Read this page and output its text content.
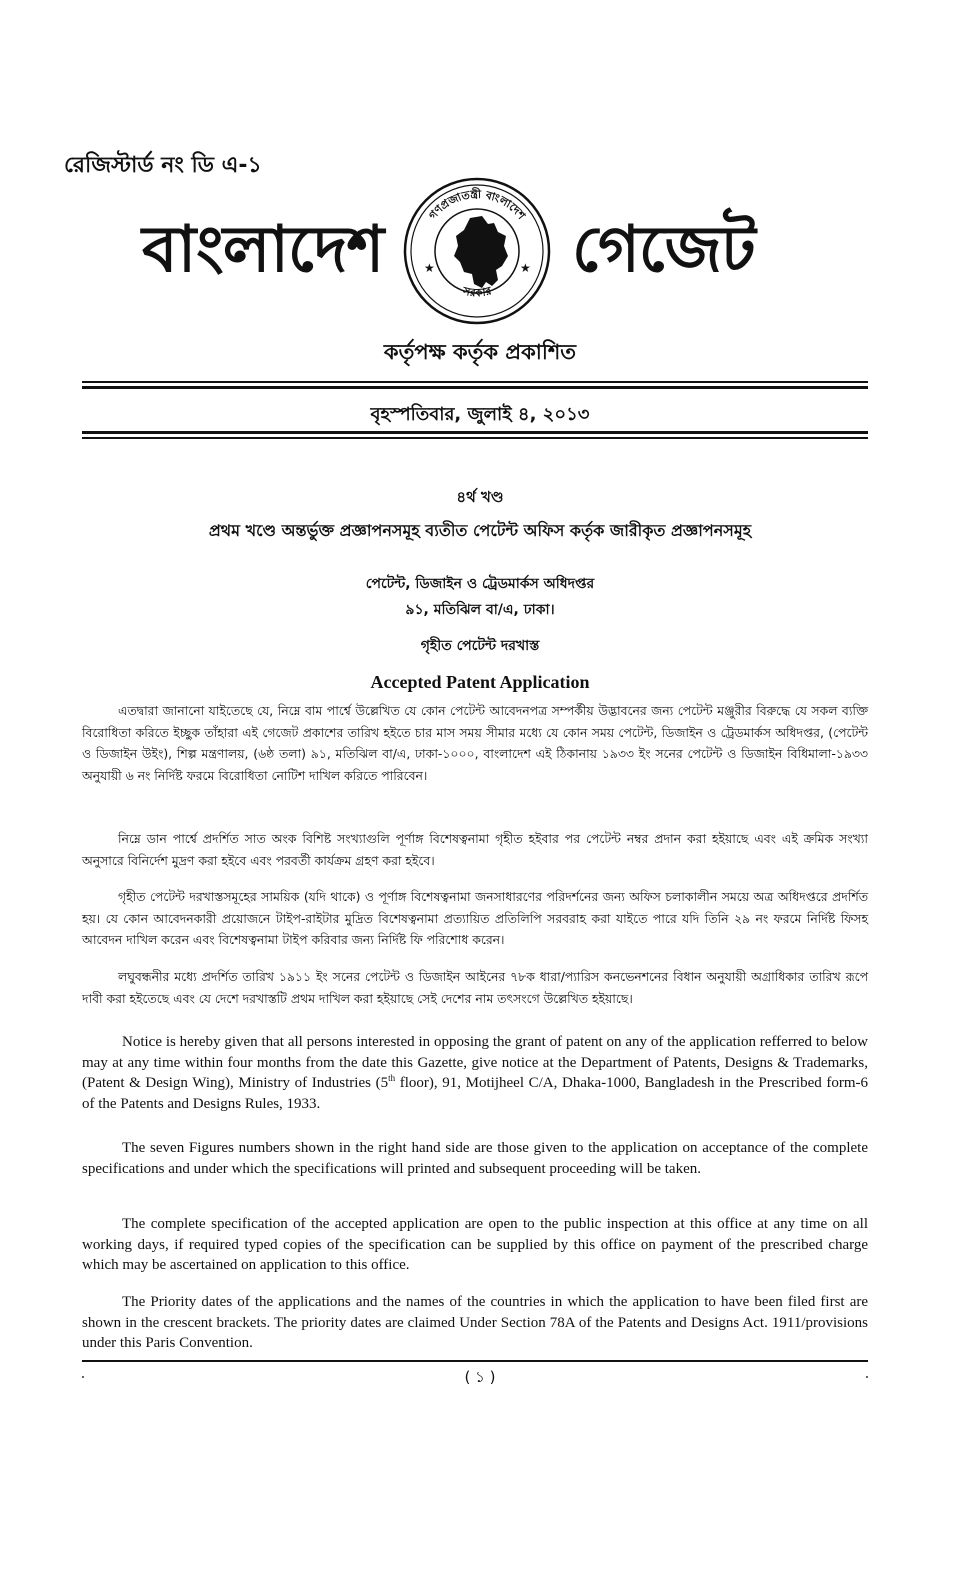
রেজিস্টার্ড নং ডি এ-১
বাংলাদেশ	গণপ্রজাতন্ত্রী বাংলাদেশ
সরকার
★	★ গেজেট
কর্তৃপক্ষ কর্তৃক প্রকাশিত
বৃহস্পতিবার, জুলাই ৪, ২০১৩
৪র্থ খণ্ড
প্রথম খণ্ডে অন্তর্ভুক্ত প্রজ্ঞাপনসমূহ ব্যতীত পেটেন্ট অফিস কর্তৃক জারীকৃত প্রজ্ঞাপনসমূহ
পেটেন্ট, ডিজাইন ও ট্রেডমার্কস অধিদপ্তর
৯১, মতিঝিল বা/এ, ঢাকা।
গৃহীত পেটেন্ট দরখাস্ত
Accepted Patent Application

এতদ্বারা জানানো যাইতেছে যে, নিম্নে বাম পার্শ্বে উল্লেখিত যে কোন পেটেন্ট আবেদনপত্র সম্পর্কীয় উদ্ভাবনের জন্য পেটেন্ট মঞ্জুরীর বিরুদ্ধে যে সকল ব্যক্তি বিরোধিতা করিতে ইচ্ছুক তাঁহারা এই গেজেট প্রকাশের তারিখ হইতে চার মাস সময় সীমার মধ্যে যে কোন সময় পেটেন্ট, ডিজাইন ও ট্রেডমার্কস অধিদপ্তর, (পেটেন্ট ও ডিজাইন উইং), শিল্প মন্ত্রণালয়, (৬ষ্ঠ তলা) ৯১, মতিঝিল বা/এ, ঢাকা-১০০০, বাংলাদেশ এই ঠিকানায় ১৯৩৩ ইং সনের পেটেন্ট ও ডিজাইন বিধিমালা-১৯৩৩ অনুযায়ী ৬ নং নির্দিষ্ট ফরমে বিরোধিতা নোটিশ দাখিল করিতে পারিবেন।

নিম্নে ডান পার্শ্বে প্রদর্শিত সাত অংক বিশিষ্ট সংখ্যাগুলি পূর্ণাঙ্গ বিশেষত্বনামা গৃহীত হইবার পর পেটেন্ট নম্বর প্রদান করা হইয়াছে এবং এই ক্রমিক সংখ্যা অনুসারে বিনির্দেশ মুদ্রণ করা হইবে এবং পরবর্তী কার্যক্রম গ্রহণ করা হইবে।

গৃহীত পেটেন্ট দরখাস্তসমূহের সাময়িক (যদি থাকে) ও পূর্ণাঙ্গ বিশেষত্বনামা জনসাধারণের পরিদর্শনের জন্য অফিস চলাকালীন সময়ে অত্র অধিদপ্তরে প্রদর্শিত হয়। যে কোন আবেদনকারী প্রয়োজনে টাইপ-রাইটার মুদ্রিত বিশেষত্বনামা প্রত্যায়িত প্রতিলিপি সরবরাহ করা যাইতে পারে যদি তিনি ২৯ নং ফরমে নির্দিষ্ট ফিসহ আবেদন দাখিল করেন এবং বিশেষত্বনামা টাইপ করিবার জন্য নির্দিষ্ট ফি পরিশোধ করেন।

লঘুবন্ধনীর মধ্যে প্রদর্শিত তারিখ ১৯১১ ইং সনের পেটেন্ট ও ডিজাইন আইনের ৭৮ক ধারা/প্যারিস কনভেনশনের বিধান অনুযায়ী অগ্রাধিকার তারিখ রূপে দাবী করা হইতেছে এবং যে দেশে দরখাস্তটি প্রথম দাখিল করা হইয়াছে সেই দেশের নাম তৎসংগে উল্লেখিত হইয়াছে।

Notice is hereby given that all persons interested in opposing the grant of patent on any of the application refferred to below may at any time within four months from the date this Gazette, give notice at the Department of Patents, Designs & Trademarks, (Patent & Design Wing), Ministry of Industries (5th floor), 91, Motijheel C/A, Dhaka-1000, Bangladesh in the Prescribed form-6 of the Patents and Designs Rules, 1933.

The seven Figures numbers shown in the right hand side are those given to the application on acceptance of the complete specifications and under which the specifications will printed and subsequent proceeding will be taken.

The complete specification of the accepted application are open to the public inspection at this office at any time on all working days, if required typed copies of the specification can be supplied by this office on payment of the prescribed charge which may be ascertained on application to this office.

The Priority dates of the applications and the names of the countries in which the application to have been filed first are shown in the crescent brackets. The priority dates are claimed Under Section 78A of the Patents and Designs Act. 1911/provisions under this Paris Convention.

( ১ )
